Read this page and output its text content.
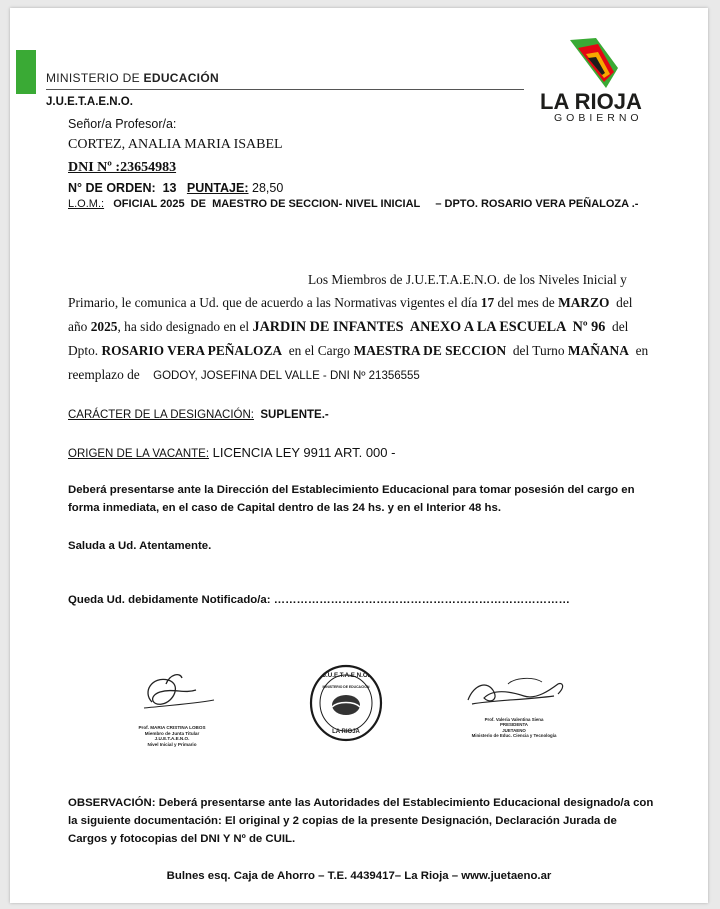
MINISTERIO DE EDUCACIÓN
J.U.E.T.A.E.N.O.	LA RIOJA
GOBIERNO
Señor/a Profesor/a:
CORTEZ, ANALIA MARIA ISABEL
DNI Nº :23654983
N° DE ORDEN: 13 PUNTAJE: 28,50
L.O.M.: OFICIAL 2025  DE  MAESTRO DE SECCION- NIVEL INICIAL     – DPTO. ROSARIO VERA PEÑALOZA .-
Los Miembros de J.U.E.T.A.E.N.O. de los Niveles Inicial y
Primario, le comunica a Ud. que de acuerdo a las Normativas vigentes el día 17 del mes de MARZO  del
año 2025, ha sido designado en el JARDIN DE INFANTES  ANEXO A LA ESCUELA  Nº 96  del
Dpto. ROSARIO VERA PEÑALOZA  en el Cargo MAESTRA DE SECCION  del Turno MAÑANA  en
reemplazo de    GODOY, JOSEFINA DEL VALLE - DNI Nº 21356555
CARÁCTER DE LA DESIGNACIÓN: SUPLENTE.-
ORIGEN DE LA VACANTE: LICENCIA LEY 9911 ART. 000 -
Deberá presentarse ante la Dirección del Establecimiento Educacional para tomar posesión del cargo en
forma inmediata, en el caso de Capital dentro de las 24 hs. y en el Interior 48 hs.
Saluda a Ud. Atentamente.
Queda Ud. debidamente Notificado/a: ……………………………………………………………………
Prof. MARIA CRISTINA LOBOS
Miembro de Junta Titular
J.U.E.T.A.E.N.O.
Nivel Inicial y Primario
J.U.E.T.A.E.N.O.
MINISTERIO DE EDUCACION
LA RIOJA
Prof. Valeria Valentina Siena
PRESIDENTA
JUETAENO
Ministerio de Educ. Ciencia y Tecnología
OBSERVACIÓN: Deberá presentarse ante las Autoridades del Establecimiento Educacional designado/a con
la siguiente documentación: El original y 2 copias de la presente Designación, Declaración Jurada de
Cargos y fotocopias del DNI Y Nº de CUIL.
Bulnes esq. Caja de Ahorro – T.E. 4439417– La Rioja – www.juetaeno.ar
